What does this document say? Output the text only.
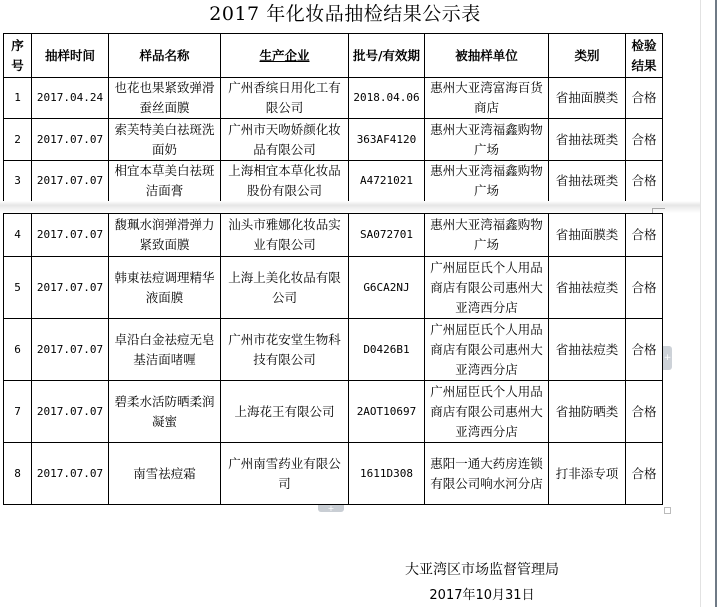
2017 年化妆品抽检结果公示表
序号	抽样时间	样品名称	生产企业	批号/有效期	被抽样单位	类别	检验结果
1	2017.04.24	也花也果紧致弹滑蚕丝面膜	广州香缤日用化工有限公司	2018.04.06	惠州大亚湾富海百货商店	省抽面膜类	合格
2	2017.07.07	索芙特美白祛斑洗面奶	广州市天吻娇颜化妆品有限公司	363AF4120	惠州大亚湾福鑫购物广场	省抽祛斑类	合格
3	2017.07.07	相宜本草美白祛斑洁面膏	上海相宜本草化妆品股份有限公司	A4721021	惠州大亚湾福鑫购物广场	省抽祛斑类	合格
4	2017.07.07	馥珮水润弹滑弹力紧致面膜	汕头市雅娜化妆品实业有限公司	SA072701	惠州大亚湾福鑫购物广场	省抽面膜类	合格
5	2017.07.07	韩東祛痘调理精华液面膜	上海上美化妆品有限公司	G6CA2NJ	广州屈臣氏个人用品商店有限公司惠州大亚湾西分店	省抽祛痘类	合格
6	2017.07.07	卓沿白金祛痘无皂基洁面啫喱	广州市花安堂生物科技有限公司	D0426B1	广州屈臣氏个人用品商店有限公司惠州大亚湾西分店	省抽祛痘类	合格
7	2017.07.07	碧柔水活防晒柔润凝蜜	上海花王有限公司	2AOT10697	广州屈臣氏个人用品商店有限公司惠州大亚湾西分店	省抽防晒类	合格
8	2017.07.07	南雪祛痘霜	广州南雪药业有限公司	1611D308	惠阳一通大药房连锁有限公司响水河分店	打非添专项	合格
+
+
大亚湾区市场监督管理局
2017年10月31日
